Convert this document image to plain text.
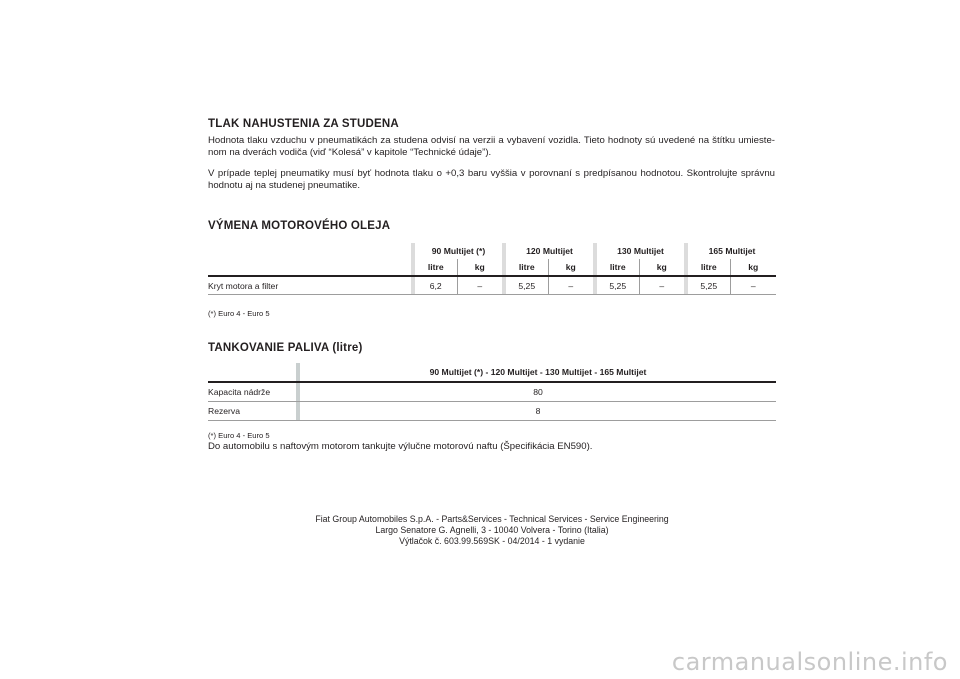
TLAK NAHUSTENIA ZA STUDENA

Hodnota tlaku vzduchu v pneumatikách za studena odvisí na verzii a vybavení vozidla. Tieto hodnoty sú uvedené na štítku umieste-nom na dverách vodiča (viď “Kolesá” v kapitole “Technické údaje”).

V prípade teplej pneumatiky musí byť hodnota tlaku o +0,3 baru vyššia v porovnaní s predpísanou hodnotou. Skontrolujte správnu hodnotu aj na studenej pneumatike.

VÝMENA MOTOROVÉHO OLEJA
		90 Multijet (*)			120 Multijet			130 Multijet			165 Multijet	
		litre	kg		litre	kg		litre	kg		litre	kg
Kryt motora a filter		6,2	–		5,25	–		5,25	–		5,25	–

(*) Euro 4 - Euro 5

TANKOVANIE PALIVA (litre)
		90 Multijet (*) - 120 Multijet - 130 Multijet - 165 Multijet
Kapacita nádrže		80
Rezerva		8

(*) Euro 4 - Euro 5

Do automobilu s naftovým motorom tankujte výlučne motorovú naftu (Špecifikácia EN590).

Fiat Group Automobiles S.p.A. - Parts&Services - Technical Services - Service Engineering
Largo Senatore G. Agnelli, 3 - 10040 Volvera - Torino (Italia)
Výtlačok č. 603.99.569SK - 04/2014 - 1 vydanie
carmanualsonline.info
